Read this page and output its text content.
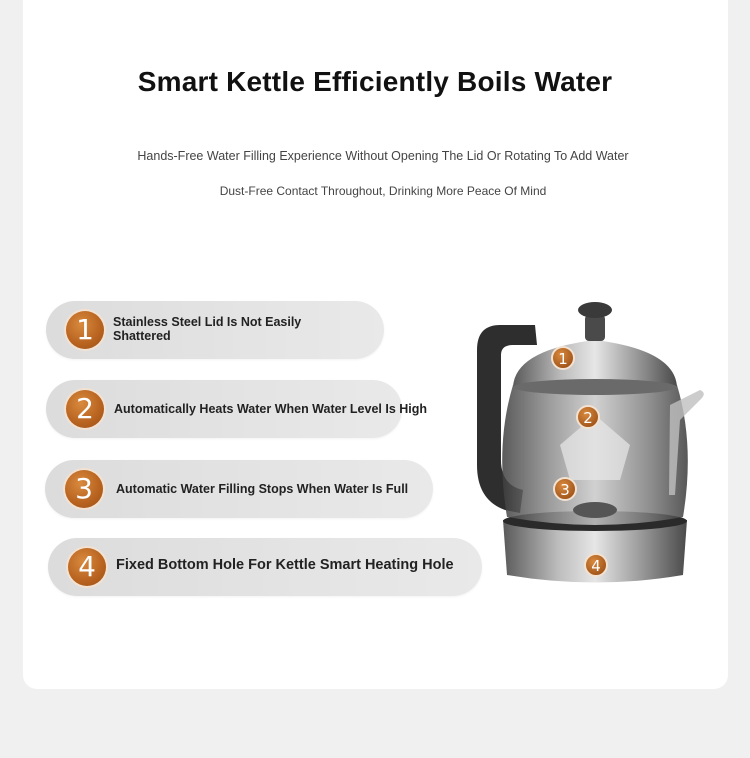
Smart Kettle Efficiently Boils Water
Hands-Free Water Filling Experience Without Opening The Lid Or Rotating To Add Water
Dust-Free Contact Throughout, Drinking More Peace Of Mind
1	Stainless Steel Lid Is Not Easily
Shattered
2	Automatically Heats Water When Water Level Is High
3	Automatic Water Filling Stops When Water Is Full
4	Fixed Bottom Hole For Kettle Smart Heating Hole
1
2
3
4
